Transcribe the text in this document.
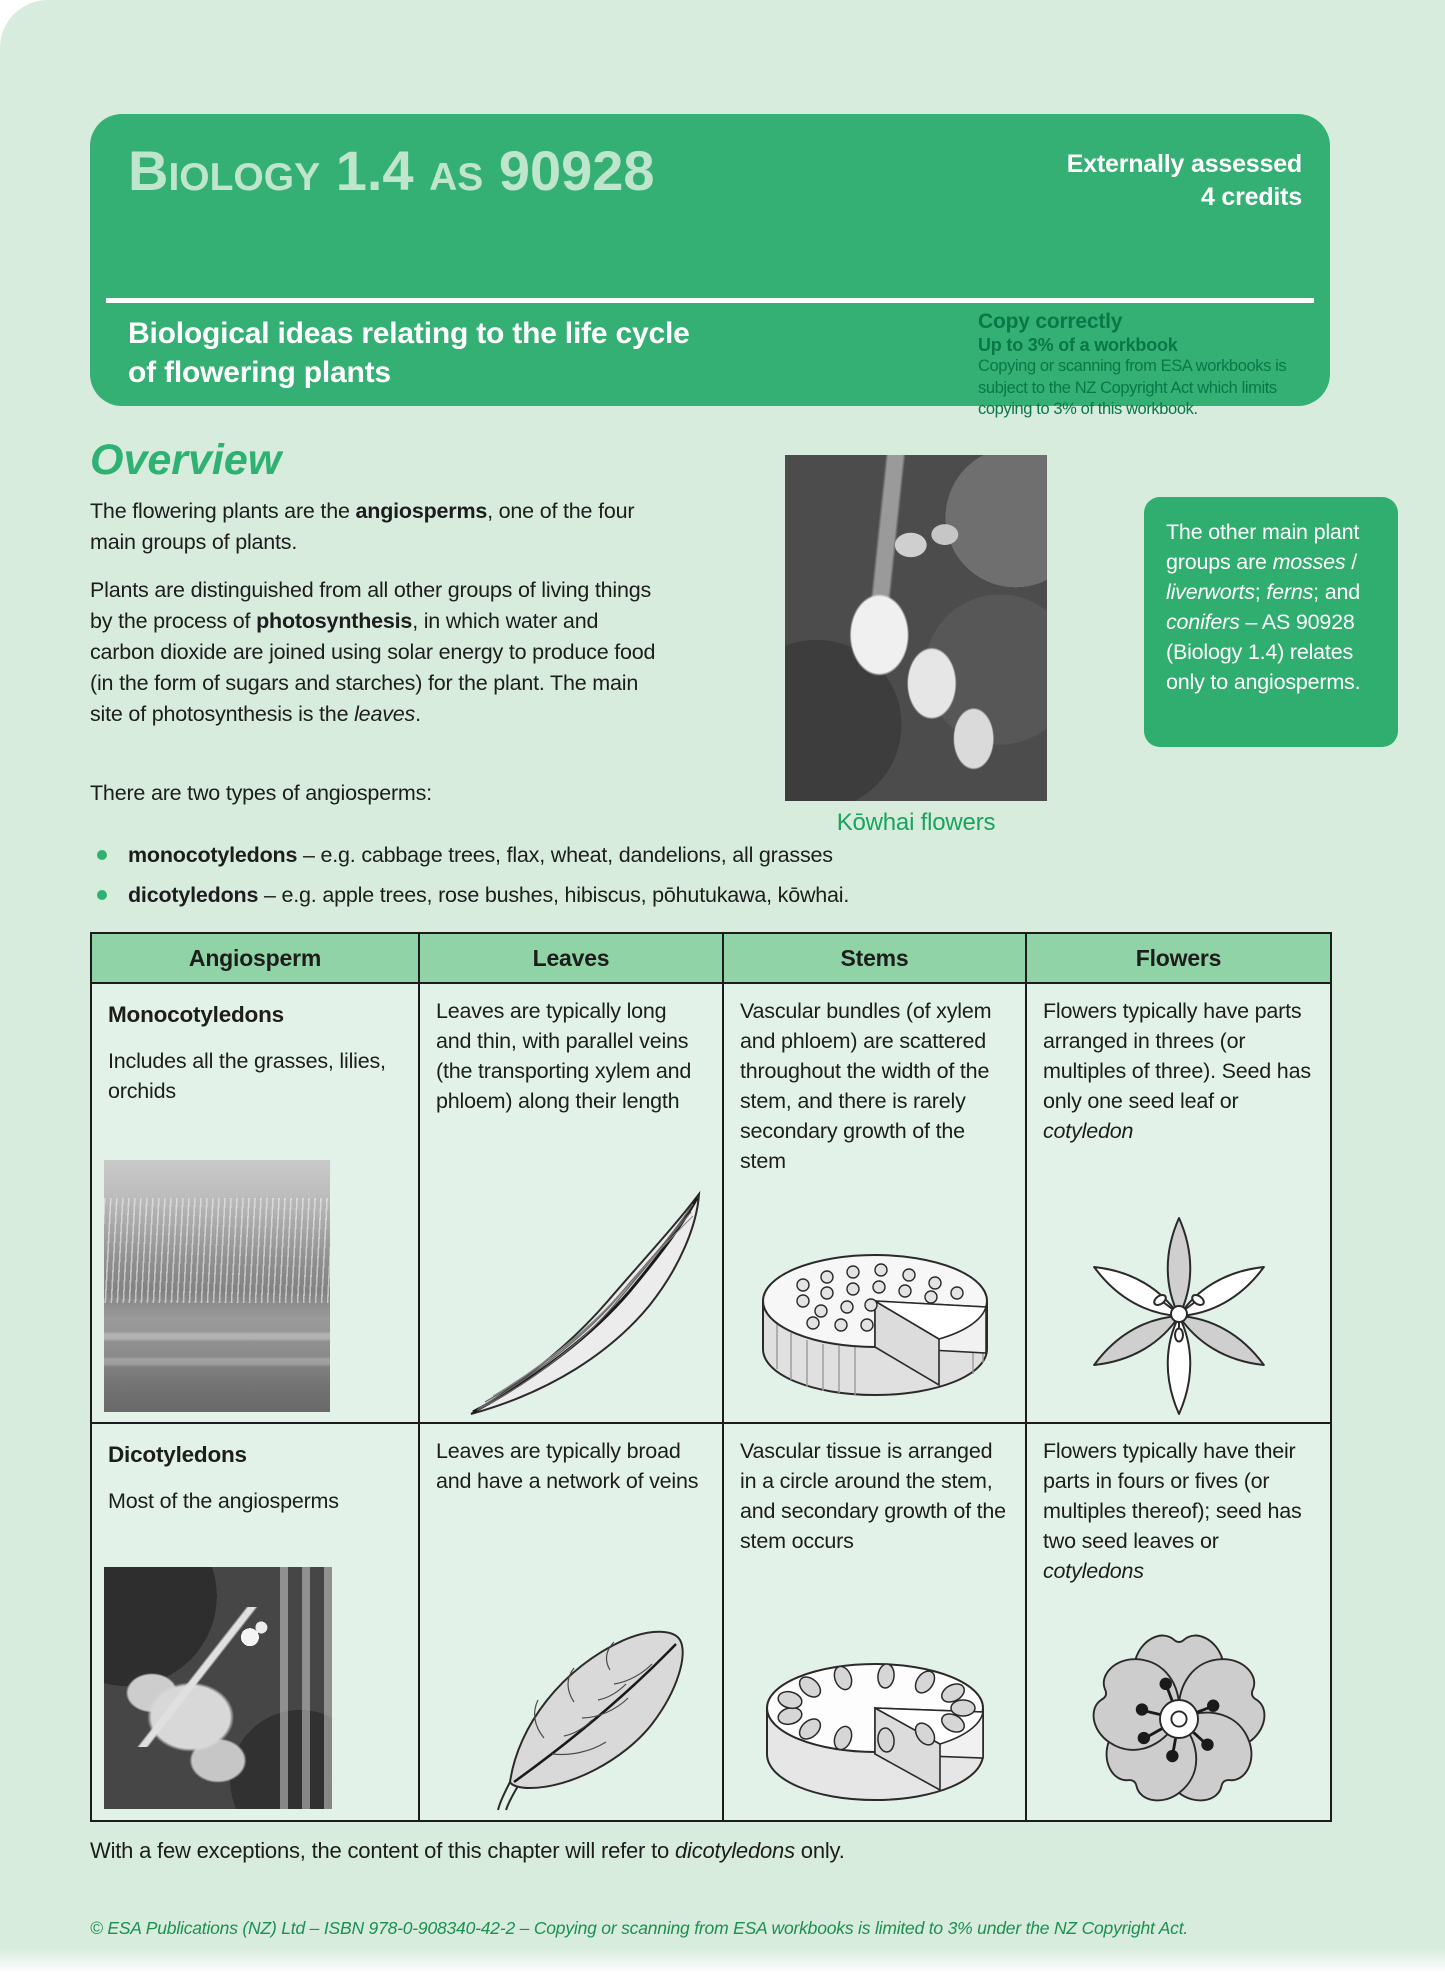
Biology 1.4 as 90928	Externally assessed
4 credits
Biological ideas relating to the life cycle
of flowering plants
Copy correctly
Up to 3% of a workbook
Copying or scanning from ESA workbooks is subject to the NZ Copyright Act which limits copying to 3% of this workbook.
Overview

The flowering plants are the angiosperms, one of the four main groups of plants.

Plants are distinguished from all other groups of living things by the process of photosynthesis, in which water and carbon dioxide are joined using solar energy to produce food (in the form of sugars and starches) for the plant. The main site of photosynthesis is the leaves.

There are two types of angiosperms:

Kōwhai flowers
The other main plant groups are mosses / liverworts; ferns; and conifers – AS 90928 (Biology 1.4) relates only to angiosperms.
monocotyledons – e.g. cabbage trees, flax, wheat, dandelions, all grasses
dicotyledons – e.g. apple trees, rose bushes, hibiscus, pōhutukawa, kōwhai.
Angiosperm	Leaves	Stems	Flowers

Monocotyledons

Includes all the grasses, lilies, orchids	Leaves are typically long and thin, with parallel veins (the transporting xylem and phloem) along their length	Vascular bundles (of xylem and phloem) are scattered throughout the width of the stem, and there is rarely secondary growth of the stem	Flowers typically have parts arranged in threes (or multiples of three). Seed has only one seed leaf or cotyledon

Dicotyledons

Most of the angiosperms	Leaves are typically broad and have a network of veins	Vascular tissue is arranged in a circle around the stem, and secondary growth of the stem occurs	Flowers typically have their parts in fours or fives (or multiples thereof); seed has two seed leaves or cotyledons

With a few exceptions, the content of this chapter will refer to dicotyledons only.

© ESA Publications (NZ) Ltd – ISBN 978-0-908340-42-2 – Copying or scanning from ESA workbooks is limited to 3% under the NZ Copyright Act.
